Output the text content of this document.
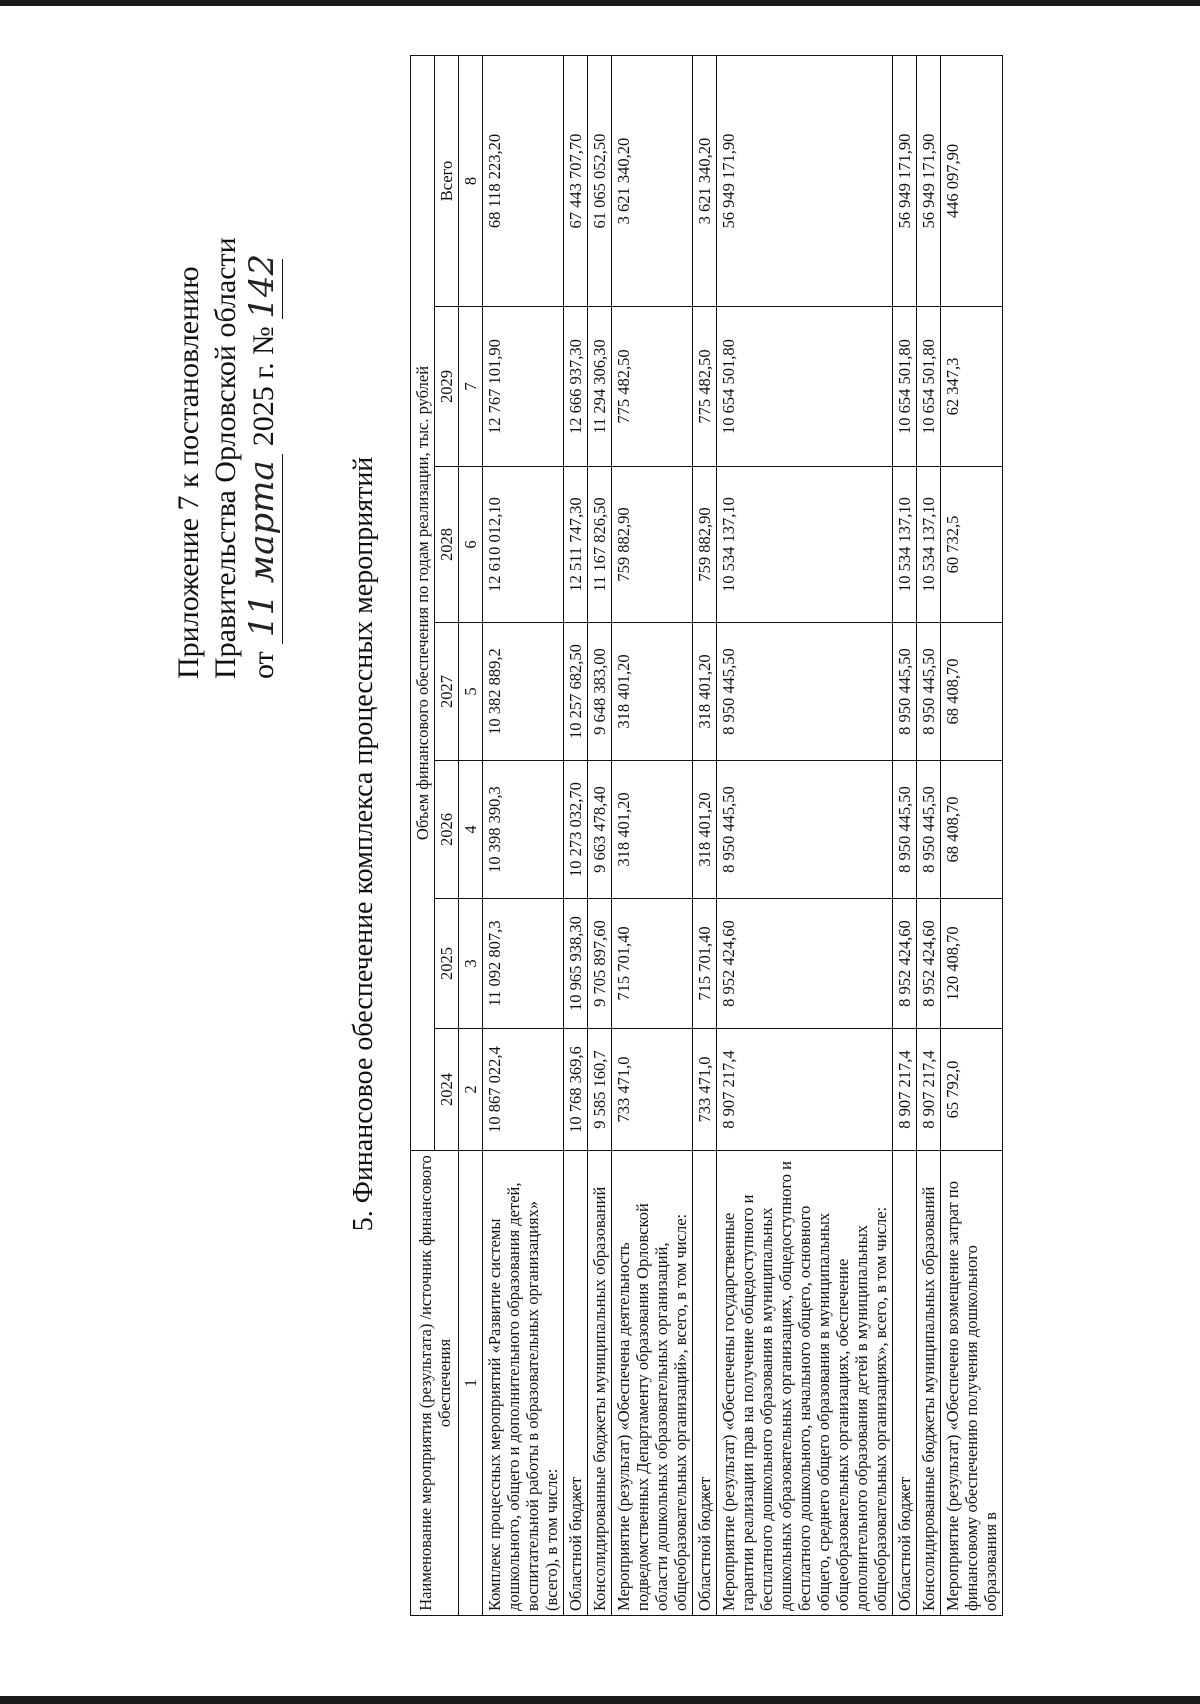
Приложение 7 к постановлению Правительства Орловской области от 11 марта 2025 г. № 142
5. Финансовое обеспечение комплекса процессных мероприятий
Наименование мероприятия (результата) /источник финансового обеспечения	Объем финансового обеспечения по годам реализации, тыс. рублей						
	2024	2025	2026	2027	2028	2029	Всего
1	2	3	4	5	6	7	8
Комплекс процессных мероприятий «Развитие системы дошкольного, общего и дополнительного образования детей, воспитательной работы в образовательных организациях» (всего), в том числе:	10 867 022,4	11 092 807,3	10 398 390,3	10 382 889,2	12 610 012,10	12 767 101,90	68 118 223,20
Областной бюджет	10 768 369,6	10 965 938,30	10 273 032,70	10 257 682,50	12 511 747,30	12 666 937,30	67 443 707,70
Консолидированные бюджеты муниципальных образований	9 585 160,7	9 705 897,60	9 663 478,40	9 648 383,00	11 167 826,50	11 294 306,30	61 065 052,50
Мероприятие (результат) «Обеспечена деятельность подведомственных Департаменту образования Орловской области дошкольных образовательных организаций, общеобразовательных организаций», всего, в том числе:	733 471,0	715 701,40	318 401,20	318 401,20	759 882,90	775 482,50	3 621 340,20
Областной бюджет	733 471,0	715 701,40	318 401,20	318 401,20	759 882,90	775 482,50	3 621 340,20
Мероприятие (результат) «Обеспечены государственные гарантии реализации прав на получение общедоступного и бесплатного дошкольного образования в муниципальных дошкольных образовательных организациях, общедоступного и бесплатного дошкольного, начального общего, основного общего, среднего общего образования в муниципальных общеобразовательных организациях, обеспечение дополнительного образования детей в муниципальных общеобразовательных организациях», всего, в том числе:	8 907 217,4	8 952 424,60	8 950 445,50	8 950 445,50	10 534 137,10	10 654 501,80	56 949 171,90
Областной бюджет	8 907 217,4	8 952 424,60	8 950 445,50	8 950 445,50	10 534 137,10	10 654 501,80	56 949 171,90
Консолидированные бюджеты муниципальных образований	8 907 217,4	8 952 424,60	8 950 445,50	8 950 445,50	10 534 137,10	10 654 501,80	56 949 171,90
Мероприятие (результат) «Обеспечено возмещение затрат по финансовому обеспечению получения дошкольного образования в	65 792,0	120 408,70	68 408,70	68 408,70	60 732,5	62 347,3	446 097,90
